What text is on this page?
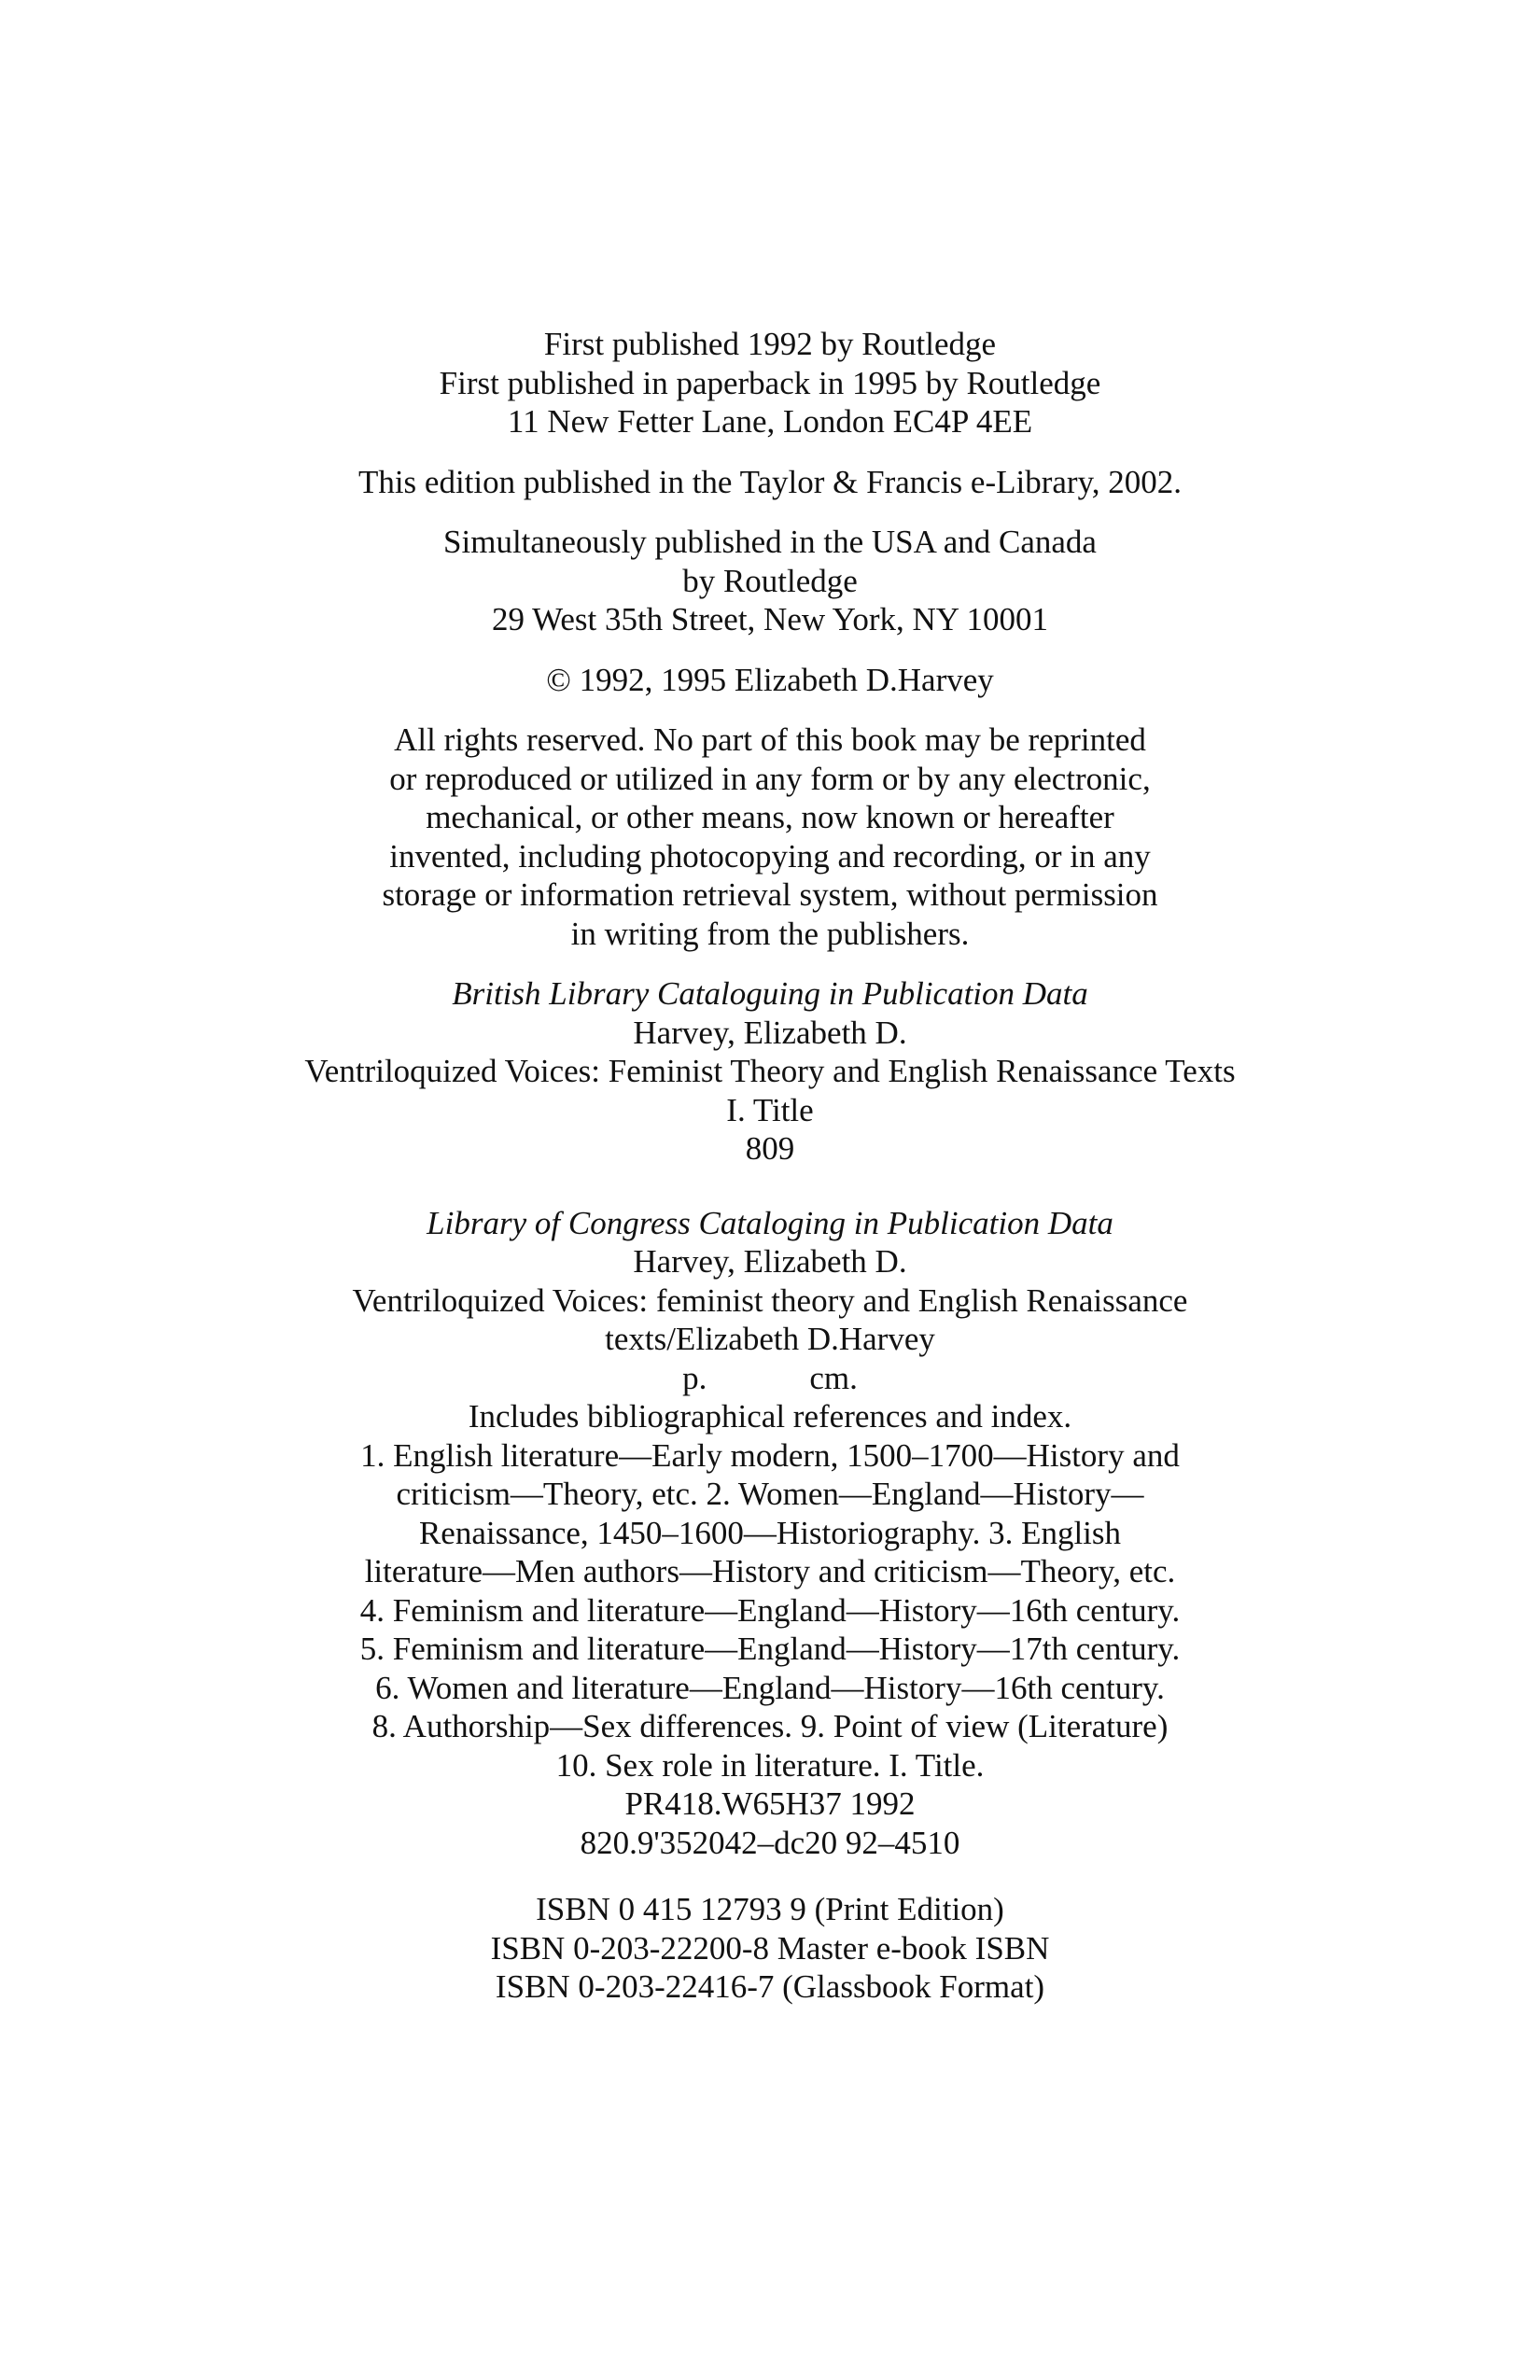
First published 1992 by Routledge
First published in paperback in 1995 by Routledge
11 New Fetter Lane, London EC4P 4EE
This edition published in the Taylor & Francis e-Library, 2002.
Simultaneously published in the USA and Canada
by Routledge
29 West 35th Street, New York, NY 10001
© 1992, 1995 Elizabeth D.Harvey
All rights reserved. No part of this book may be reprinted
or reproduced or utilized in any form or by any electronic,
mechanical, or other means, now known or hereafter
invented, including photocopying and recording, or in any
storage or information retrieval system, without permission
in writing from the publishers.
British Library Cataloguing in Publication Data
Harvey, Elizabeth D.
Ventriloquized Voices: Feminist Theory and English Renaissance Texts
I. Title
809
Library of Congress Cataloging in Publication Data
Harvey, Elizabeth D.
Ventriloquized Voices: feminist theory and English Renaissance
texts/Elizabeth D.Harvey
p.	cm.
Includes bibliographical references and index.
1. English literature—Early modern, 1500–1700—History and
criticism—Theory, etc. 2. Women—England—History—
Renaissance, 1450–1600—Historiography. 3. English
literature—Men authors—History and criticism—Theory, etc.
4. Feminism and literature—England—History—16th century.
5. Feminism and literature—England—History—17th century.
6. Women and literature—England—History—16th century.
8. Authorship—Sex differences. 9. Point of view (Literature)
10. Sex role in literature. I. Title.
PR418.W65H37 1992
820.9'352042–dc20 92–4510
ISBN 0 415 12793 9 (Print Edition)
ISBN 0-203-22200-8 Master e-book ISBN
ISBN 0-203-22416-7 (Glassbook Format)
